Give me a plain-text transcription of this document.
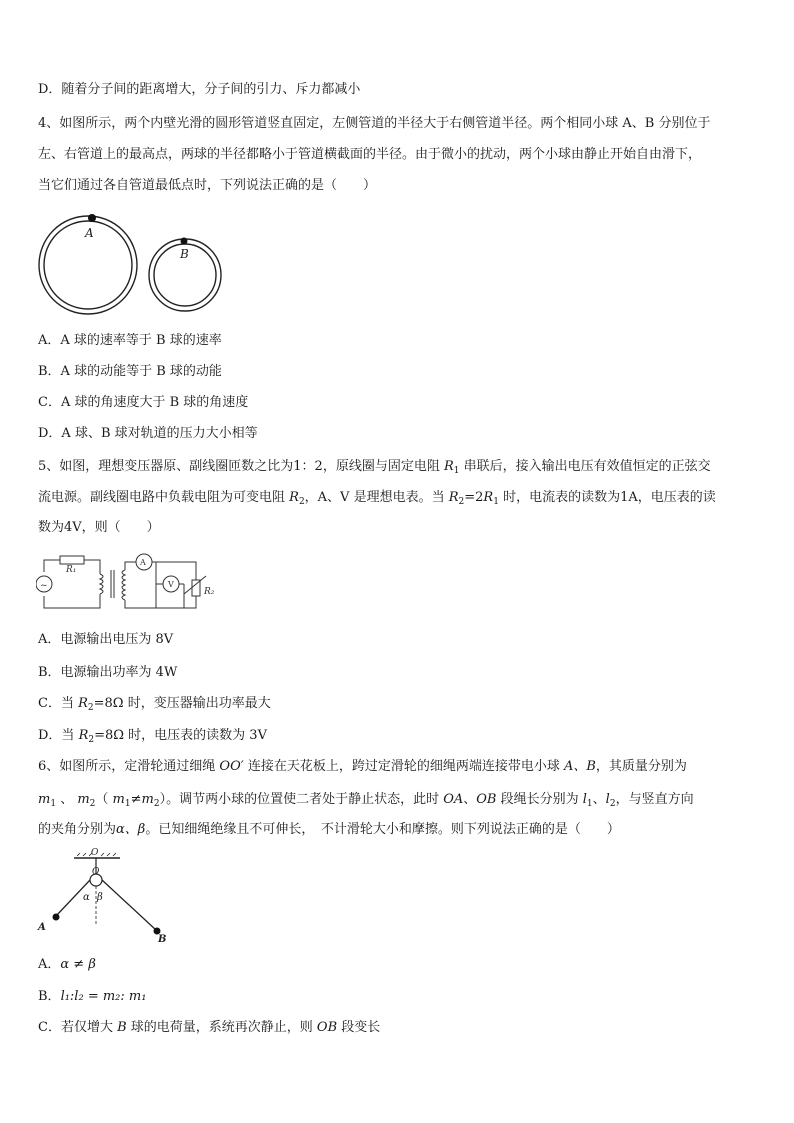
D．随着分子间的距离增大，分子间的引力、斥力都减小
4、如图所示，两个内壁光滑的圆形管道竖直固定，左侧管道的半径大于右侧管道半径。两个相同小球 A、B 分别位于
左、右管道上的最高点，两球的半径都略小于管道横截面的半径。由于微小的扰动，两个小球由静止开始自由滑下，
当它们通过各自管道最低点时，下列说法正确的是（　　）
A
B
A．A 球的速率等于 B 球的速率
B．A 球的动能等于 B 球的动能
C．A 球的角速度大于 B 球的角速度
D．A 球、B 球对轨道的压力大小相等
5、如图，理想变压器原、副线圈匝数之比为1：2，原线圈与固定电阻 $R_1$ 串联后，接入输出电压有效值恒定的正弦交
流电源。副线圈电路中负载电阻为可变电阻 $R_2$，A、V 是理想电表。当 $R_2=2R_1$ 时，电流表的读数为1A，电压表的读
数为4V，则（　　）
~
R₁
A
V
R₂
A．电源输出电压为 8V
B．电源输出功率为 4W
C．当 $R_2=8\Omega$ 时，变压器输出功率最大
D．当 $R_2=8\Omega$ 时，电压表的读数为 3V
6、如图所示，定滑轮通过细绳 OO′ 连接在天花板上，跨过定滑轮的细绳两端连接带电小球 A、B，其质量分别为
$m_1$ 、 $m_2$（ $m_1\ne m_2$）。调节两小球的位置使二者处于静止状态，此时 OA、OB 段绳长分别为 $l_1$、$l_2$，与竖直方向
的夹角分别为α、β。已知细绳绝缘且不可伸长，　不计滑轮大小和摩擦。则下列说法正确的是（　　）
O
O
α β
A
B
A．α ≠ β
B．l₁:l₂ = m₂: m₁
C．若仅增大 B 球的电荷量，系统再次静止，则 OB 段变长
